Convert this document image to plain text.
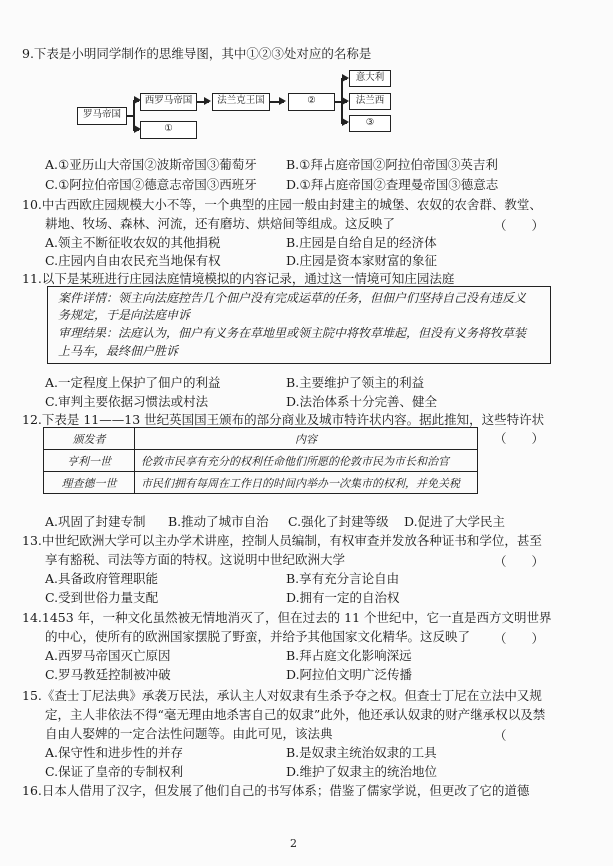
9.下表是小明同学制作的思维导图，其中①②③处对应的名称是
罗马帝国
西罗马帝国
①
法兰克王国	②
意大利
法兰西
③
A.①亚历山大帝国②波斯帝国③葡萄牙 B.①拜占庭帝国②阿拉伯帝国③英吉利
C.①阿拉伯帝国②德意志帝国③西班牙 D.①拜占庭帝国②查理曼帝国③德意志
10.中古西欧庄园规模大小不等，一个典型的庄园一般由封建主的城堡、农奴的农舍群、教堂、
耕地、牧场、森林、河流，还有磨坊、烘焙间等组成。这反映了	（　　）
A.领主不断征收农奴的其他捐税	B.庄园是自给自足的经济体
C.庄园内自由农民充当地保有权	D.庄园是资本家财富的象征
11.以下是某班进行庄园法庭情境模拟的内容记录，通过这一情境可知庄园法庭
案件详情：领主向法庭控告几个佃户没有完成运草的任务，但佃户们坚持自己没有违反义
务规定，于是向法庭申诉
审理结果：法庭认为，佃户有义务在草地里或领主院中将牧草堆起，但没有义务将牧草装
上马车，最终佃户胜诉
A.一定程度上保护了佃户的利益	B.主要维护了领主的利益
C.审判主要依据习惯法或村法	D.法治体系十分完善、健全
12.下表是 11——13 世纪英国国王颁布的部分商业及城市特许状内容。据此推知，这些特许状
（　　）
颁发者	内容
亨利一世	伦敦市民享有充分的权利任命他们所愿的伦敦市民为市长和治官
理查德一世	市民们拥有每周在工作日的时间内举办一次集市的权利，并免关税
A.巩固了封建专制 B.推动了城市自治 C.强化了封建等级 D.促进了大学民主
13.中世纪欧洲大学可以主办学术讲座，控制人员编制，有权审查并发放各种证书和学位，甚至
享有豁税、司法等方面的特权。这说明中世纪欧洲大学	（　　）
A.具备政府管理职能	B.享有充分言论自由
C.受到世俗力量支配	D.拥有一定的自治权
14.1453 年，一种文化虽然被无情地消灭了，但在过去的 11 个世纪中，它一直是西方文明世界
的中心，使所有的欧洲国家摆脱了野蛮，并给予其他国家文化精华。这反映了 （　　）
A.西罗马帝国灭亡原因	B.拜占庭文化影响深远
C.罗马教廷控制被冲破	D.阿拉伯文明广泛传播
15.《查士丁尼法典》承袭万民法，承认主人对奴隶有生杀予夺之权。但查士丁尼在立法中又规
定，主人非依法不得“毫无理由地杀害自己的奴隶”此外，他还承认奴隶的财产继承权以及禁
自由人娶婢的一定合法性问题等。由此可见，该法典	（
A.保守性和进步性的并存	B.是奴隶主统治奴隶的工具
C.保证了皇帝的专制权利	D.维护了奴隶主的统治地位
16.日本人借用了汉字，但发展了他们自己的书写体系；借鉴了儒家学说，但更改了它的道德
2
